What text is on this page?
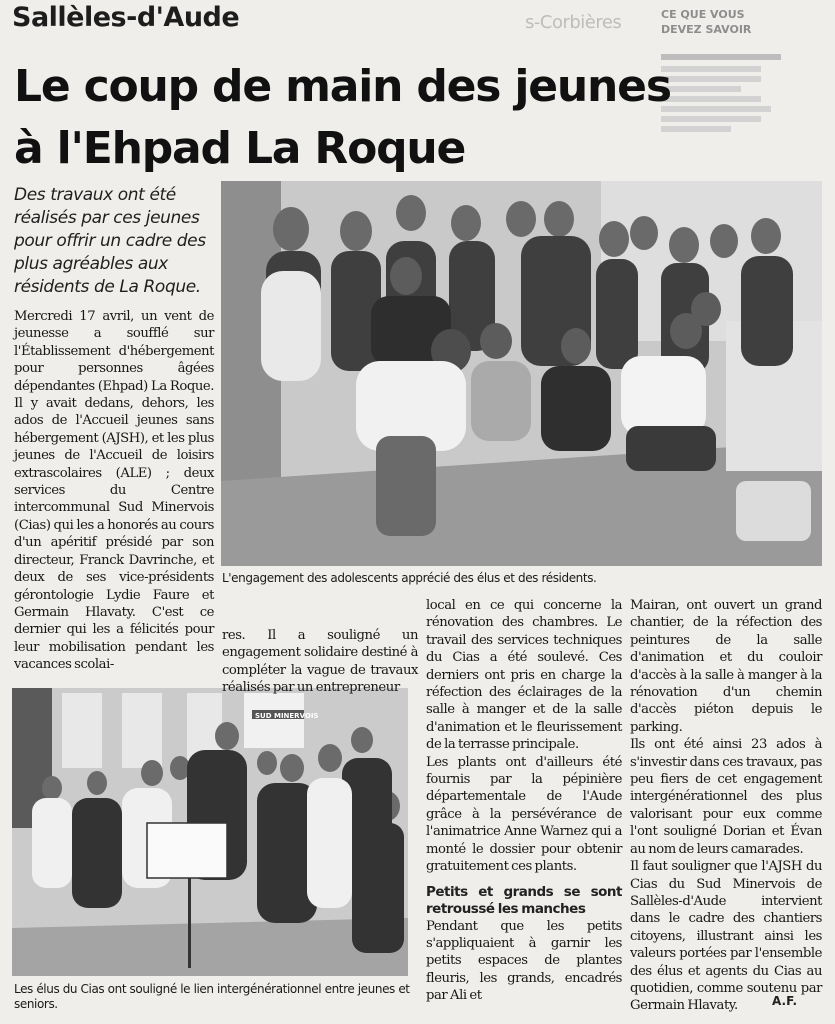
s-Corbières	CE QUE VOUS
DEVEZ SAVOIR
Sallèles-d'Aude
Le coup de main des jeunes
à l'Ehpad La Roque
Des travaux ont été réalisés par ces jeunes pour offrir un cadre des plus agréables aux résidents de La Roque.
L'engagement des adolescents apprécié des élus et des résidents.
Mercredi 17 avril, un vent de jeunesse a soufflé sur l'Établissement d'hébergement pour personnes âgées dépendantes (Ehpad) La Roque. Il y avait dedans, dehors, les ados de l'Accueil jeunes sans hébergement (AJSH), et les plus jeunes de l'Accueil de loisirs extrascolaires (ALE) ; deux services du Centre intercommunal Sud Minervois (Cias) qui les a honorés au cours d'un apéritif présidé par son directeur, Franck Davrinche, et deux de ses vice-présidents gérontologie Lydie Faure et Germain Hlavaty. C'est ce dernier qui les a félicités pour leur mobilisation pendant les vacances scolai-
SUD MINERVOIS
Les élus du Cias ont souligné le lien intergénérationnel entre jeunes et seniors.
res. Il a souligné un engagement solidaire destiné à compléter la vague de travaux réalisés par un entrepreneur
local en ce qui concerne la rénovation des chambres. Le travail des services techniques du Cias a été soulevé. Ces derniers ont pris en charge la réfection des éclairages de la salle à manger et de la salle d'animation et le fleurissement de la terrasse principale.
Les plants ont d'ailleurs été fournis par la pépinière départementale de l'Aude grâce à la persévérance de l'animatrice Anne Warnez qui a monté le dossier pour obtenir gratuitement ces plants.
Petits et grands se sont retroussé les manches
Pendant que les petits s'appliquaient à garnir les petits espaces de plantes fleuris, les grands, encadrés par Ali et
Mairan, ont ouvert un grand chantier, de la réfection des peintures de la salle d'animation et du couloir d'accès à la salle à manger à la rénovation d'un chemin d'accès piéton depuis le parking.
Ils ont été ainsi 23 ados à s'investir dans ces travaux, pas peu fiers de cet engagement intergénérationnel des plus valorisant pour eux comme l'ont souligné Dorian et Évan au nom de leurs camarades.
Il faut souligner que l'AJSH du Cias du Sud Minervois de Sallèles-d'Aude intervient dans le cadre des chantiers citoyens, illustrant ainsi les valeurs portées par l'ensemble des élus et agents du Cias au quotidien, comme soutenu par Germain Hlavaty.	A.F.
